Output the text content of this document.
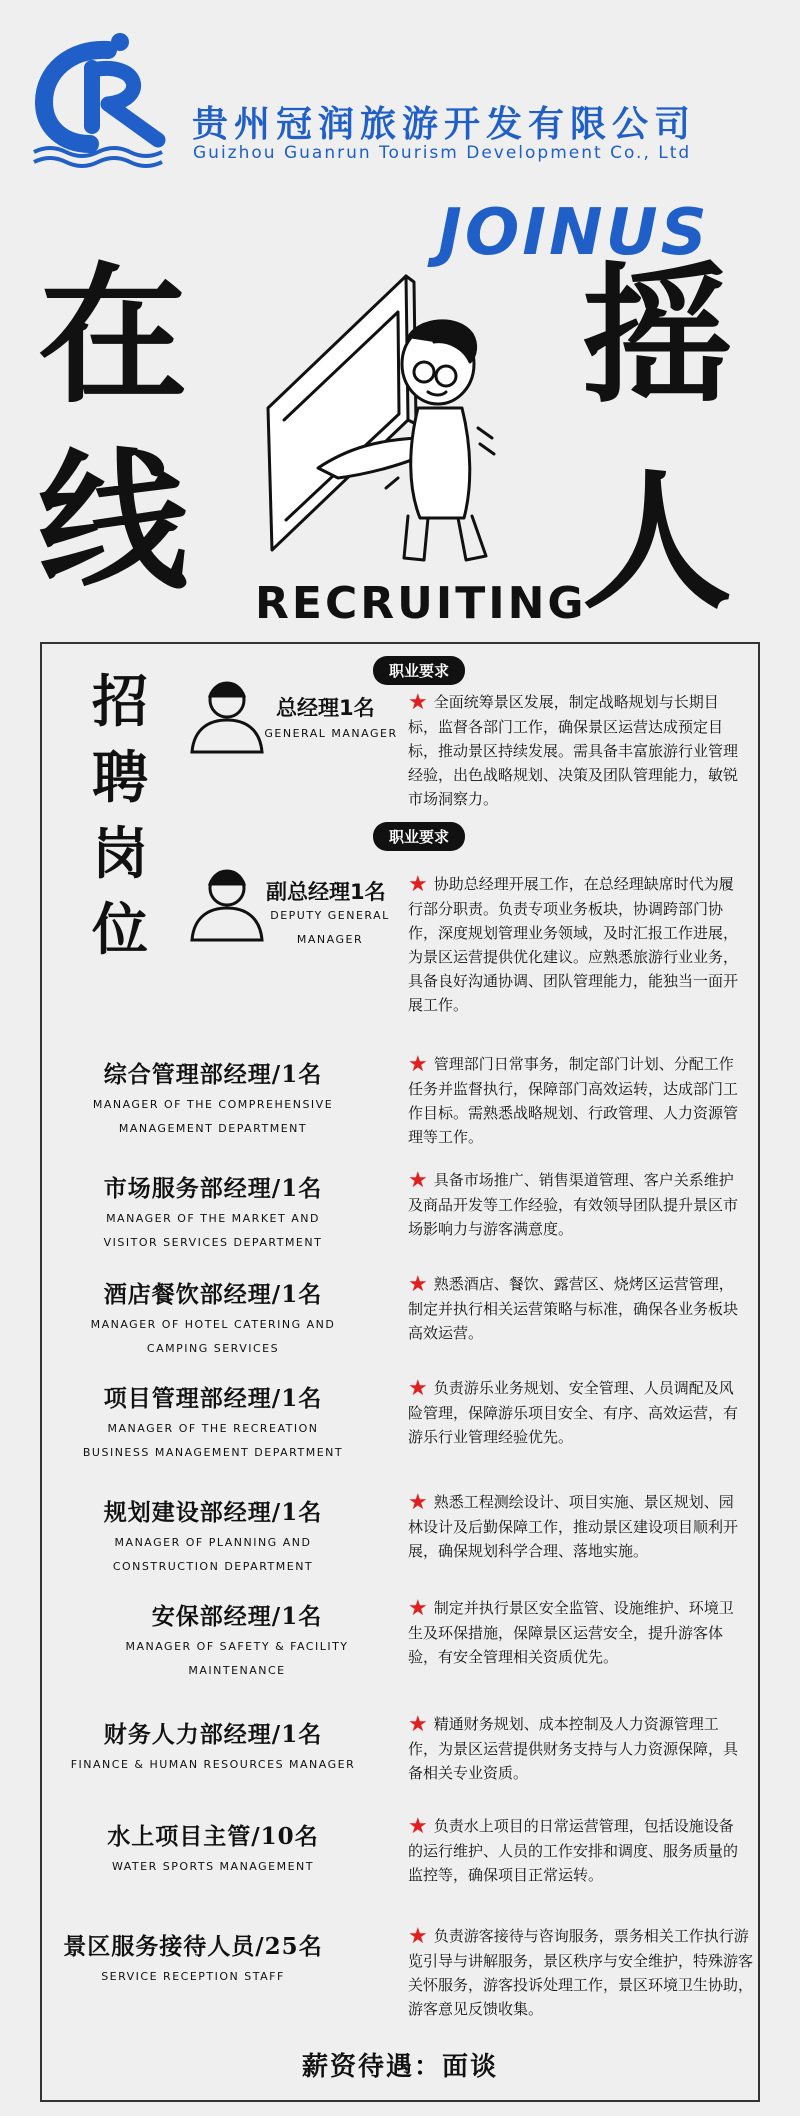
贵州冠润旅游开发有限公司
Guizhou Guanrun Tourism Development Co., Ltd
JOINUS
在
线
摇
人
RECRUITING
招
聘
岗
位
职业要求
总经理1名
GENERAL MANAGER
★ 全面统筹景区发展，制定战略规划与长期目标，监督各部门工作，确保景区运营达成预定目标，推动景区持续发展。需具备丰富旅游行业管理经验，出色战略规划、决策及团队管理能力，敏锐市场洞察力。
职业要求
副总经理1名
DEPUTY GENERAL
MANAGER
★ 协助总经理开展工作，在总经理缺席时代为履行部分职责。负责专项业务板块，协调跨部门协作，深度规划管理业务领域，及时汇报工作进展，为景区运营提供优化建议。应熟悉旅游行业业务，具备良好沟通协调、团队管理能力，能独当一面开展工作。
综合管理部经理/1名
MANAGER OF THE COMPREHENSIVE
MANAGEMENT DEPARTMENT
★ 管理部门日常事务，制定部门计划、分配工作任务并监督执行，保障部门高效运转，达成部门工作目标。需熟悉战略规划、行政管理、人力资源管理等工作。
市场服务部经理/1名
MANAGER OF THE MARKET AND
VISITOR SERVICES DEPARTMENT
★ 具备市场推广、销售渠道管理、客户关系维护及商品开发等工作经验，有效领导团队提升景区市场影响力与游客满意度。
酒店餐饮部经理/1名
MANAGER OF HOTEL CATERING AND
CAMPING SERVICES
★ 熟悉酒店、餐饮、露营区、烧烤区运营管理，制定并执行相关运营策略与标准，确保各业务板块高效运营。
项目管理部经理/1名
MANAGER OF THE RECREATION
BUSINESS MANAGEMENT DEPARTMENT
★ 负责游乐业务规划、安全管理、人员调配及风险管理，保障游乐项目安全、有序、高效运营，有游乐行业管理经验优先。
规划建设部经理/1名
MANAGER OF PLANNING AND
CONSTRUCTION DEPARTMENT
★ 熟悉工程测绘设计、项目实施、景区规划、园林设计及后勤保障工作，推动景区建设项目顺利开展，确保规划科学合理、落地实施。
安保部经理/1名
MANAGER OF SAFETY & FACILITY
MAINTENANCE
★ 制定并执行景区安全监管、设施维护、环境卫生及环保措施，保障景区运营安全，提升游客体验，有安全管理相关资质优先。
财务人力部经理/1名
FINANCE & HUMAN RESOURCES MANAGER
★ 精通财务规划、成本控制及人力资源管理工作，为景区运营提供财务支持与人力资源保障，具备相关专业资质。
水上项目主管/10名
WATER SPORTS MANAGEMENT
★ 负责水上项目的日常运营管理，包括设施设备的运行维护、人员的工作安排和调度、服务质量的监控等，确保项目正常运转。
景区服务接待人员/25名
SERVICE RECEPTION STAFF
★ 负责游客接待与咨询服务，票务相关工作执行游览引导与讲解服务，景区秩序与安全维护，特殊游客关怀服务，游客投诉处理工作，景区环境卫生协助，游客意见反馈收集。
薪资待遇：面谈
